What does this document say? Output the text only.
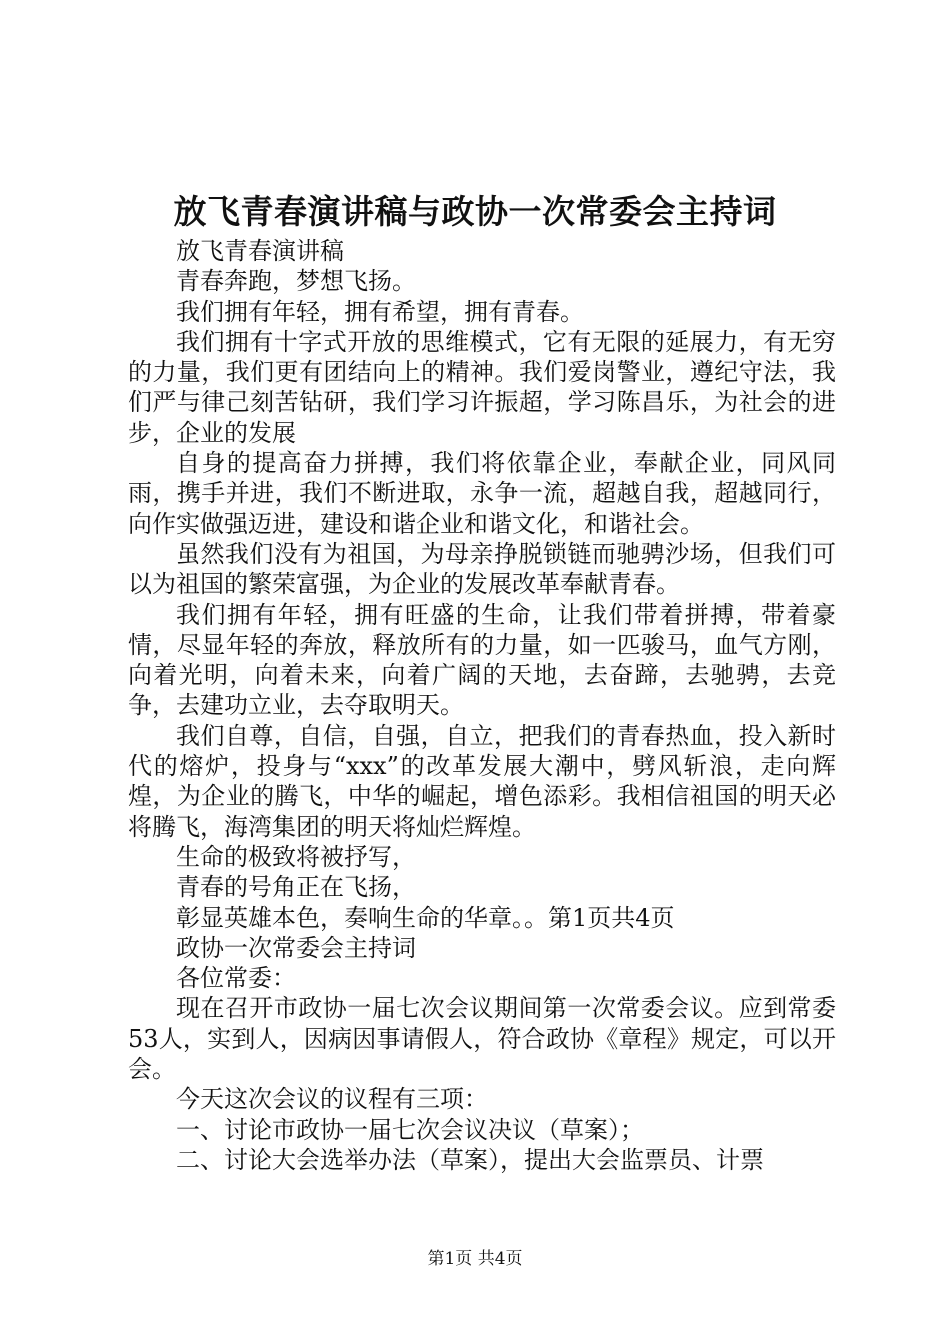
放飞青春演讲稿与政协一次常委会主持词

放飞青春演讲稿

青春奔跑，梦想飞扬。

我们拥有年轻，拥有希望，拥有青春。

我们拥有十字式开放的思维模式，它有无限的延展力，有无穷的力量，我们更有团结向上的精神。我们爱岗警业，遵纪守法，我们严与律己刻苦钻研，我们学习许振超，学习陈昌乐，为社会的进步，企业的发展

自身的提高奋力拼搏，我们将依靠企业，奉献企业，同风同雨，携手并进，我们不断进取，永争一流，超越自我，超越同行，向作实做强迈进，建设和谐企业和谐文化，和谐社会。

虽然我们没有为祖国，为母亲挣脱锁链而驰骋沙场，但我们可以为祖国的繁荣富强，为企业的发展改革奉献青春。

我们拥有年轻，拥有旺盛的生命，让我们带着拼搏，带着豪情，尽显年轻的奔放，释放所有的力量，如一匹骏马，血气方刚，向着光明，向着未来，向着广阔的天地，去奋蹄，去驰骋，去竞争，去建功立业，去夺取明天。

我们自尊，自信，自强，自立，把我们的青春热血，投入新时代的熔炉，投身与“xxx”的改革发展大潮中，劈风斩浪，走向辉煌，为企业的腾飞，中华的崛起，增色添彩。我相信祖国的明天必将腾飞，海湾集团的明天将灿烂辉煌。

生命的极致将被抒写，

青春的号角正在飞扬，

彰显英雄本色，奏响生命的华章。。第1页共4页

政协一次常委会主持词

各位常委：

现在召开市政协一届七次会议期间第一次常委会议。应到常委53人，实到人，因病因事请假人，符合政协《章程》规定，可以开会。

今天这次会议的议程有三项：

一、讨论市政协一届七次会议决议（草案）；

二、讨论大会选举办法（草案），提出大会监票员、计票

第1页 共4页
